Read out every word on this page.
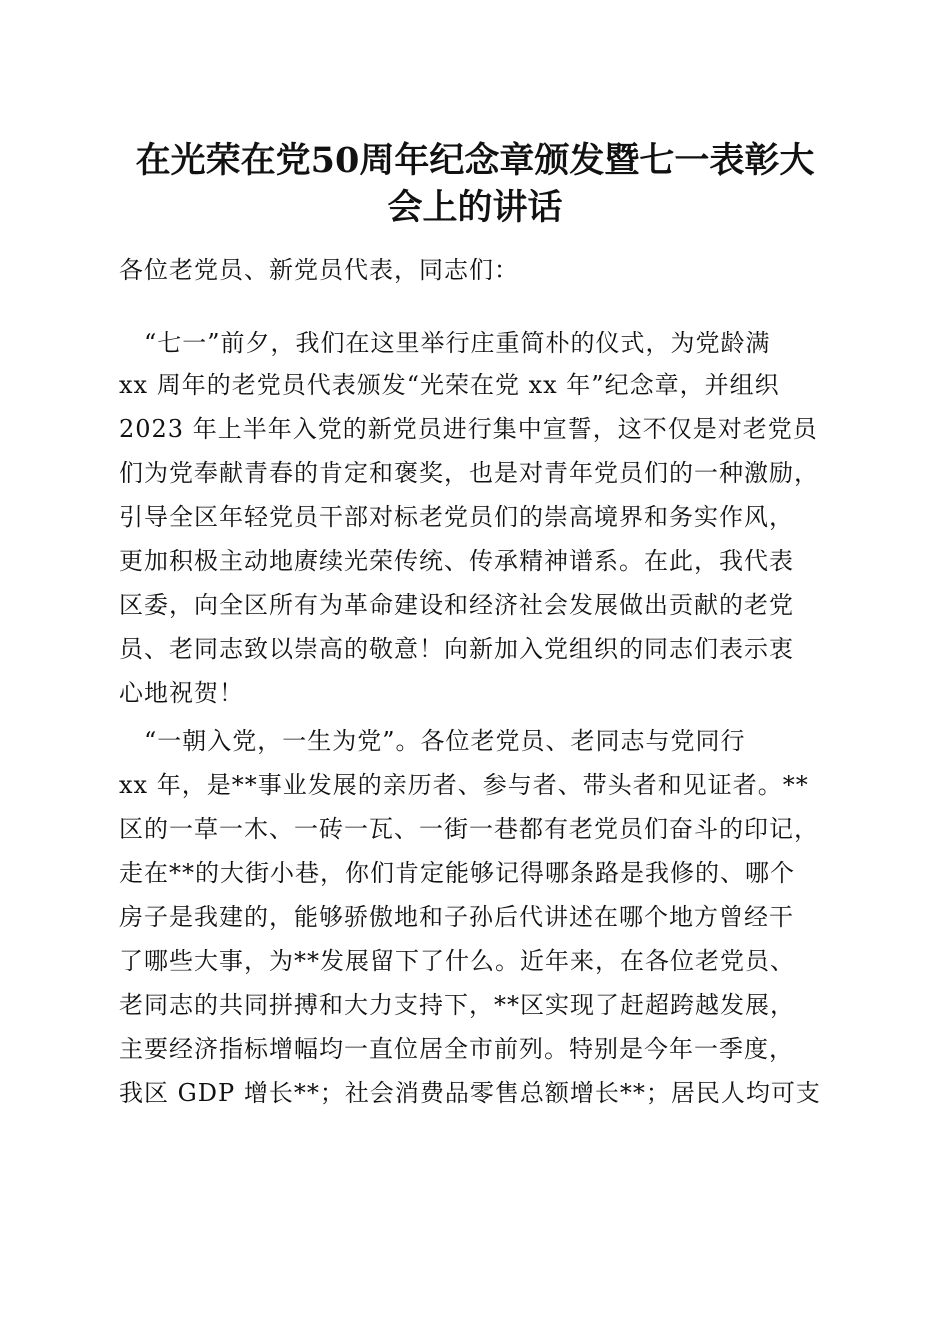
在光荣在党50周年纪念章颁发暨七一表彰大
会上的讲话

各位老党员、新党员代表，同志们：

　“七一”前夕，我们在这里举行庄重简朴的仪式，为党龄满

xx 周年的老党员代表颁发“光荣在党 xx 年”纪念章，并组织

2023 年上半年入党的新党员进行集中宣誓，这不仅是对老党员

们为党奉献青春的肯定和褒奖，也是对青年党员们的一种激励，

引导全区年轻党员干部对标老党员们的崇高境界和务实作风，

更加积极主动地赓续光荣传统、传承精神谱系。在此，我代表

区委，向全区所有为革命建设和经济社会发展做出贡献的老党

员、老同志致以崇高的敬意！向新加入党组织的同志们表示衷

心地祝贺！

　“一朝入党，一生为党”。各位老党员、老同志与党同行

xx 年，是**事业发展的亲历者、参与者、带头者和见证者。**

区的一草一木、一砖一瓦、一街一巷都有老党员们奋斗的印记，

走在**的大街小巷，你们肯定能够记得哪条路是我修的、哪个

房子是我建的，能够骄傲地和子孙后代讲述在哪个地方曾经干

了哪些大事，为**发展留下了什么。近年来，在各位老党员、

老同志的共同拼搏和大力支持下，**区实现了赶超跨越发展，

主要经济指标增幅均一直位居全市前列。特别是今年一季度，

我区 GDP 增长**；社会消费品零售总额增长**；居民人均可支
